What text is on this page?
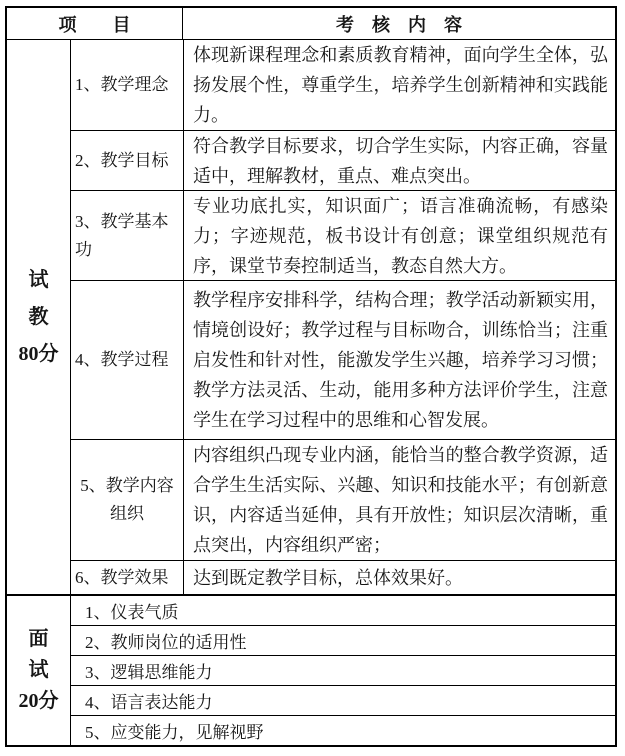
项　　目	考　核　内　容
试
教
80分
1、教学理念
体现新课程理念和素质教育精神，面向学生全体，弘扬发展个性，尊重学生，培养学生创新精神和实践能力。
2、教学目标
符合教学目标要求，切合学生实际，内容正确，容量适中，理解教材，重点、难点突出。
3、教学基本功
专业功底扎实，知识面广；语言准确流畅，有感染力；字迹规范，板书设计有创意；课堂组织规范有序，课堂节奏控制适当，教态自然大方。
4、教学过程
教学程序安排科学，结构合理；教学活动新颖实用，情境创设好；教学过程与目标吻合，训练恰当；注重启发性和针对性，能激发学生兴趣，培养学习习惯；教学方法灵活、生动，能用多种方法评价学生，注意学生在学习过程中的思维和心智发展。
5、教学内容组织
内容组织凸现专业内涵，能恰当的整合教学资源，适合学生生活实际、兴趣、知识和技能水平；有创新意识，内容适当延伸，具有开放性；知识层次清晰，重点突出，内容组织严密；
6、教学效果	达到既定教学目标，总体效果好。
面
试
20分
1、仪表气质
2、教师岗位的适用性
3、逻辑思维能力
4、语言表达能力
5、应变能力，见解视野
